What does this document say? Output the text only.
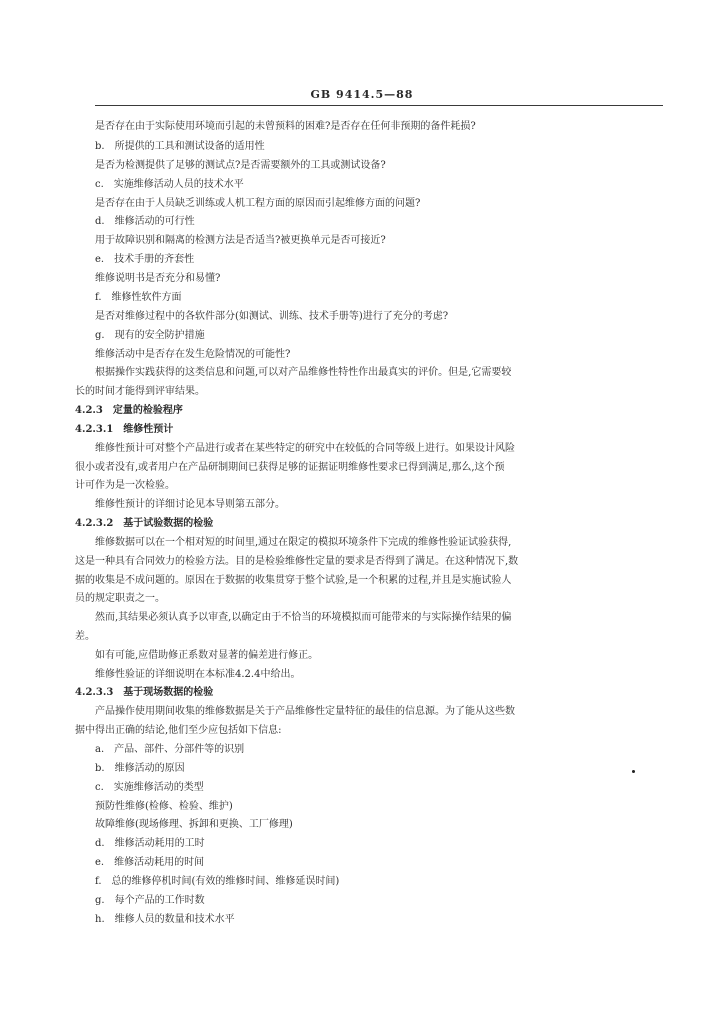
GB 9414.5—88
是否存在由于实际使用环境而引起的未曾预料的困难?是否存在任何非预期的备件耗损?
b.　所提供的工具和测试设备的适用性
是否为检测提供了足够的测试点?是否需要额外的工具或测试设备?
c.　实施维修活动人员的技术水平
是否存在由于人员缺乏训练或人机工程方面的原因而引起维修方面的问题?
d.　维修活动的可行性
用于故障识别和隔离的检测方法是否适当?被更换单元是否可接近?
e.　技术手册的齐套性
维修说明书是否充分和易懂?
f.　维修性软件方面
是否对维修过程中的各软件部分(如测试、训练、技术手册等)进行了充分的考虑?
g.　现有的安全防护措施
维修活动中是否存在发生危险情况的可能性?
根据操作实践获得的这类信息和问题,可以对产品维修性特性作出最真实的评价。但是,它需要较
长的时间才能得到评审结果。
4.2.3　定量的检验程序
4.2.3.1　维修性预计
维修性预计可对整个产品进行或者在某些特定的研究中在较低的合同等级上进行。如果设计风险
很小或者没有,或者用户在产品研制期间已获得足够的证据证明维修性要求已得到满足,那么,这个预
计可作为是一次检验。
维修性预计的详细讨论见本导则第五部分。
4.2.3.2　基于试验数据的检验
维修数据可以在一个相对短的时间里,通过在限定的模拟环境条件下完成的维修性验证试验获得,
这是一种具有合同效力的检验方法。目的是检验维修性定量的要求是否得到了满足。在这种情况下,数
据的收集是不成问题的。原因在于数据的收集贯穿于整个试验,是一个积累的过程,并且是实施试验人
员的规定职责之一。
然而,其结果必须认真予以审查,以确定由于不恰当的环境模拟而可能带来的与实际操作结果的偏
差。
如有可能,应借助修正系数对显著的偏差进行修正。
维修性验证的详细说明在本标准4.2.4中给出。
4.2.3.3　基于现场数据的检验
产品操作使用期间收集的维修数据是关于产品维修性定量特征的最佳的信息源。为了能从这些数
据中得出正确的结论,他们至少应包括如下信息:
a.　产品、部件、分部件等的识别
b.　维修活动的原因
c.　实施维修活动的类型
预防性维修(检修、检验、维护)
故障维修(现场修理、拆卸和更换、工厂修理)
d.　维修活动耗用的工时
e.　维修活动耗用的时间
f.　总的维修停机时间(有效的维修时间、维修延误时间)
g.　每个产品的工作时数
h.　维修人员的数量和技术水平
